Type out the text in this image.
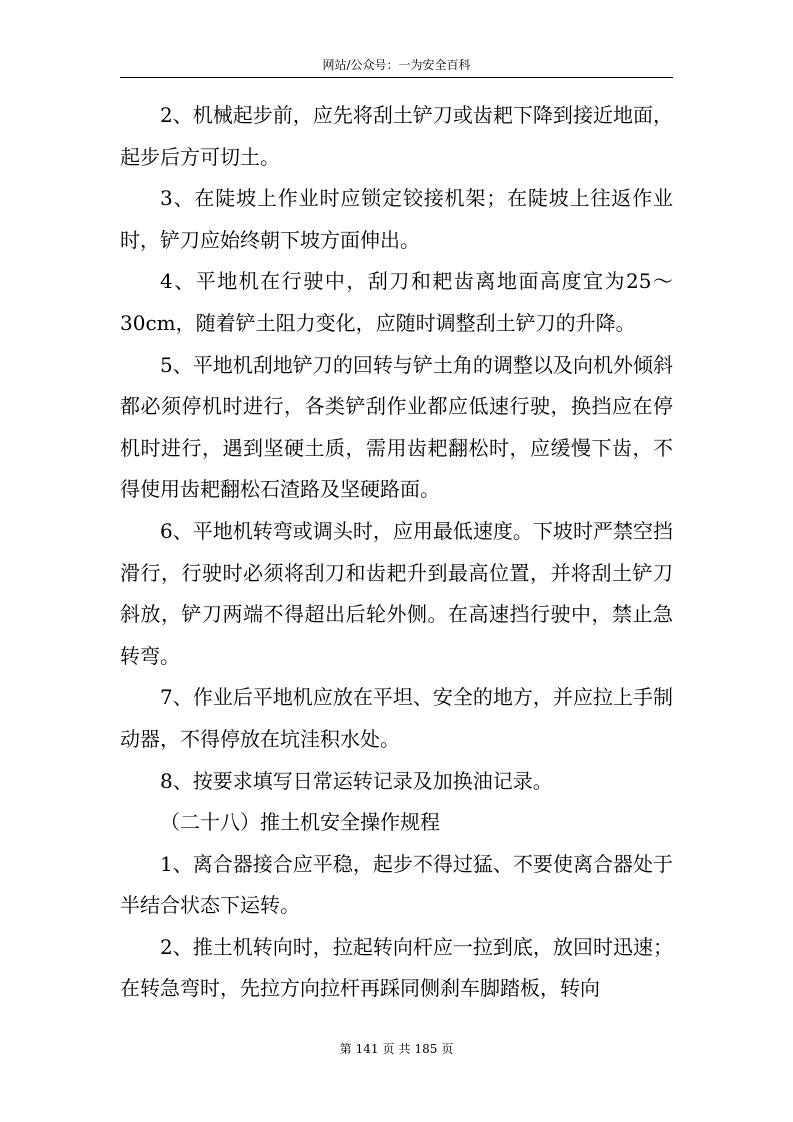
网站/公众号：一为安全百科

2、机械起步前，应先将刮土铲刀或齿耙下降到接近地面，起步后方可切土。

3、在陡坡上作业时应锁定铰接机架；在陡坡上往返作业时，铲刀应始终朝下坡方面伸出。

4、平地机在行驶中，刮刀和耙齿离地面高度宜为25～30cm，随着铲土阻力变化，应随时调整刮土铲刀的升降。

5、平地机刮地铲刀的回转与铲土角的调整以及向机外倾斜都必须停机时进行，各类铲刮作业都应低速行驶，换挡应在停机时进行，遇到坚硬土质，需用齿耙翻松时，应缓慢下齿，不得使用齿耙翻松石渣路及坚硬路面。

6、平地机转弯或调头时，应用最低速度。下坡时严禁空挡滑行，行驶时必须将刮刀和齿耙升到最高位置，并将刮土铲刀斜放，铲刀两端不得超出后轮外侧。在高速挡行驶中，禁止急转弯。

7、作业后平地机应放在平坦、安全的地方，并应拉上手制动器，不得停放在坑洼积水处。

8、按要求填写日常运转记录及加换油记录。

（二十八）推土机安全操作规程

1、离合器接合应平稳，起步不得过猛、不要使离合器处于半结合状态下运转。

2、推土机转向时，拉起转向杆应一拉到底，放回时迅速；在转急弯时，先拉方向拉杆再踩同侧刹车脚踏板，转向

第 141 页 共 185 页
